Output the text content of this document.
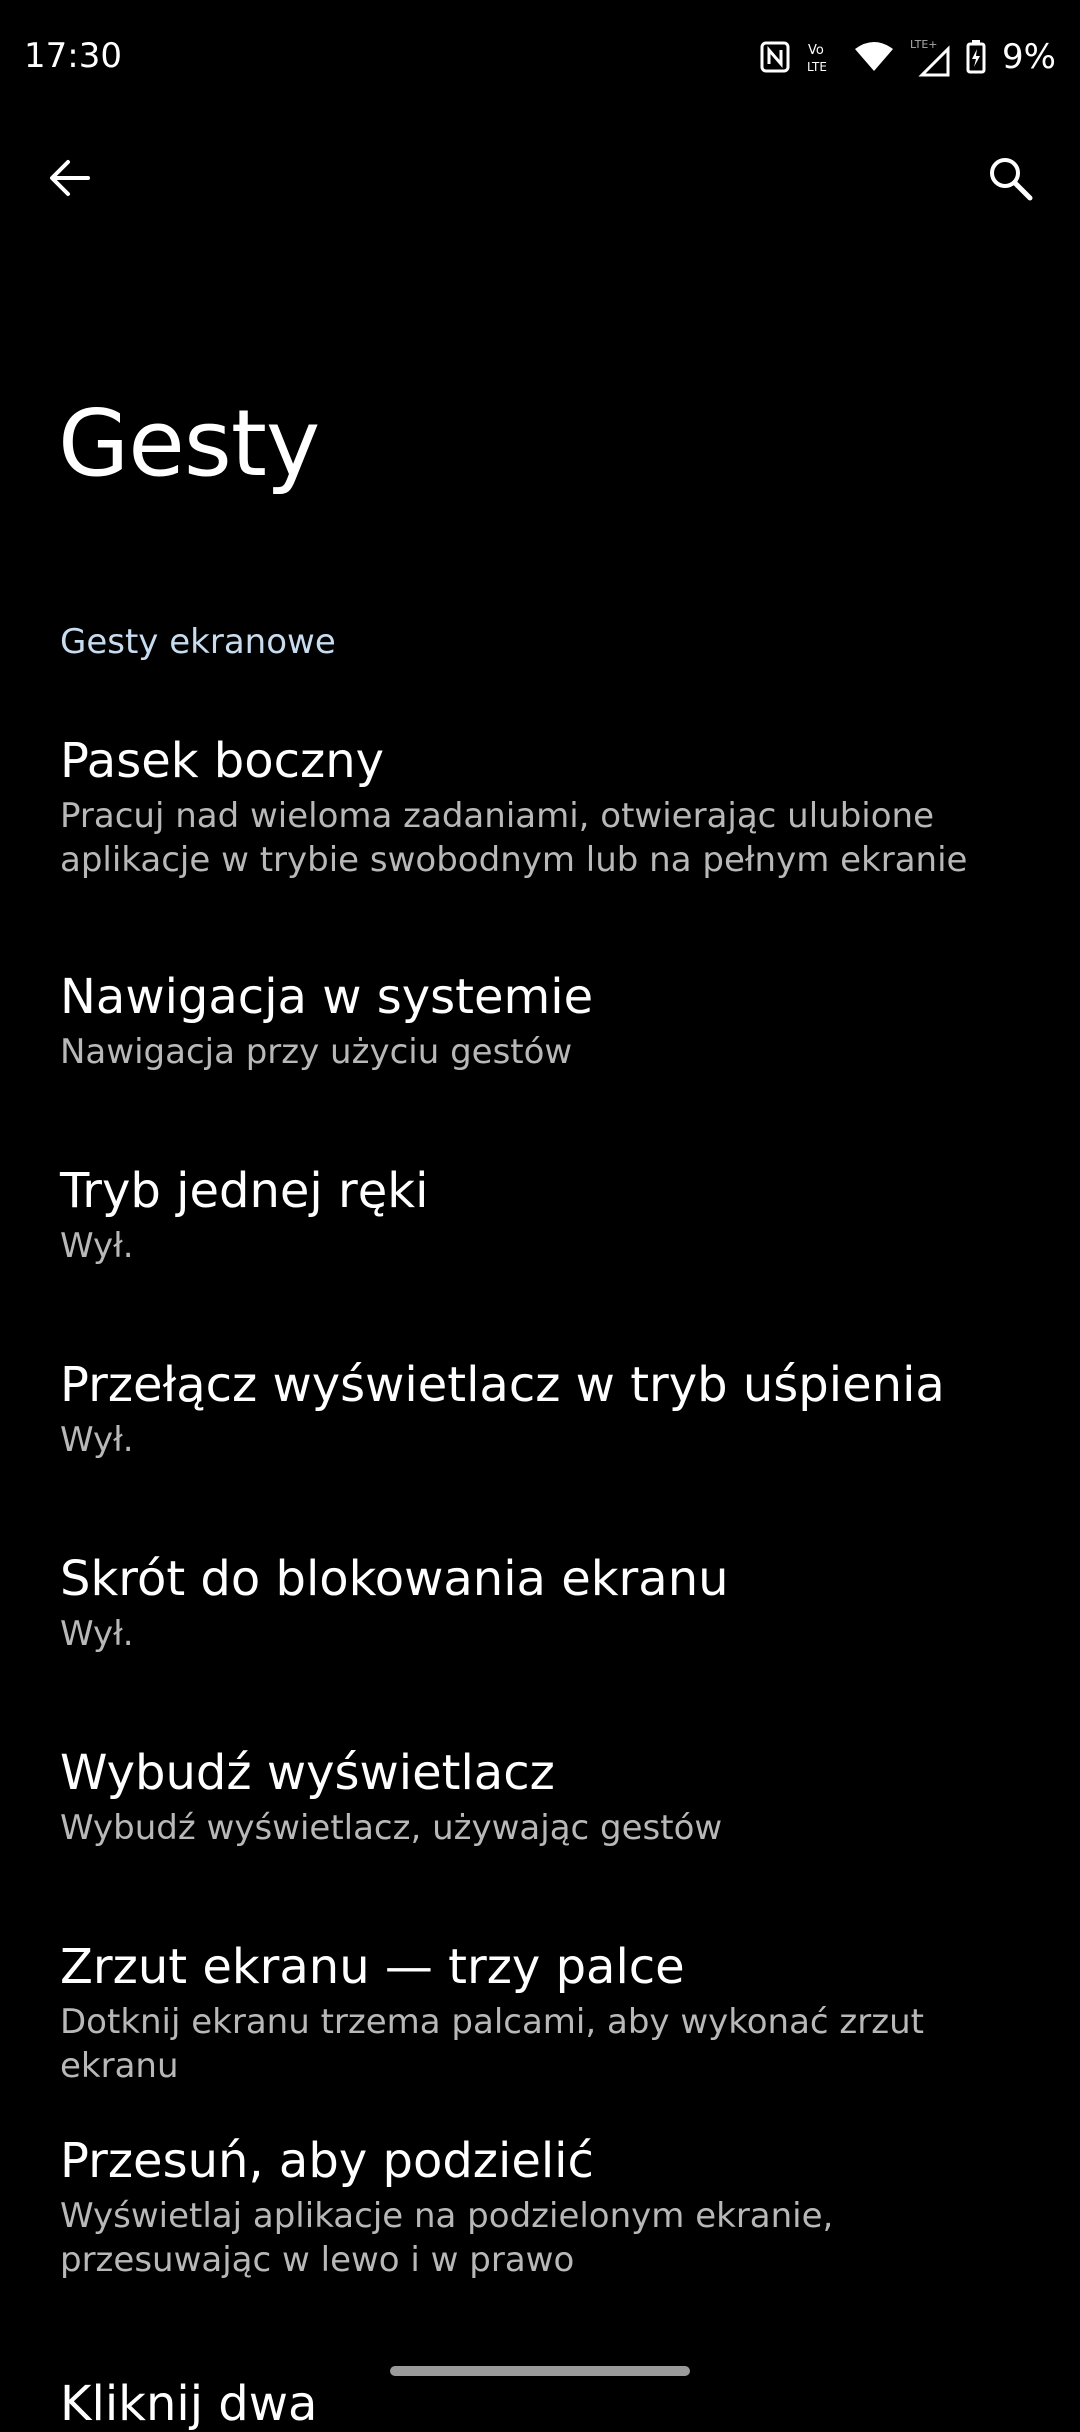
17:30	Vo
LTE
LTE+ 9%
Gesty
Gesty ekranowe
Pasek boczny
Pracuj nad wieloma zadaniami, otwierając ulubione aplikacje w trybie swobodnym lub na pełnym ekranie
Nawigacja w systemie
Nawigacja przy użyciu gestów
Tryb jednej ręki
Wył.
Przełącz wyświetlacz w tryb uśpienia
Wył.
Skrót do blokowania ekranu
Wył.
Wybudź wyświetlacz
Wybudź wyświetlacz, używając gestów
Zrzut ekranu — trzy palce
Dotknij ekranu trzema palcami, aby wykonać zrzut ekranu
Przesuń, aby podzielić
Wyświetlaj aplikacje na podzielonym ekranie, przesuwając w lewo i w prawo
Kliknij dwa
